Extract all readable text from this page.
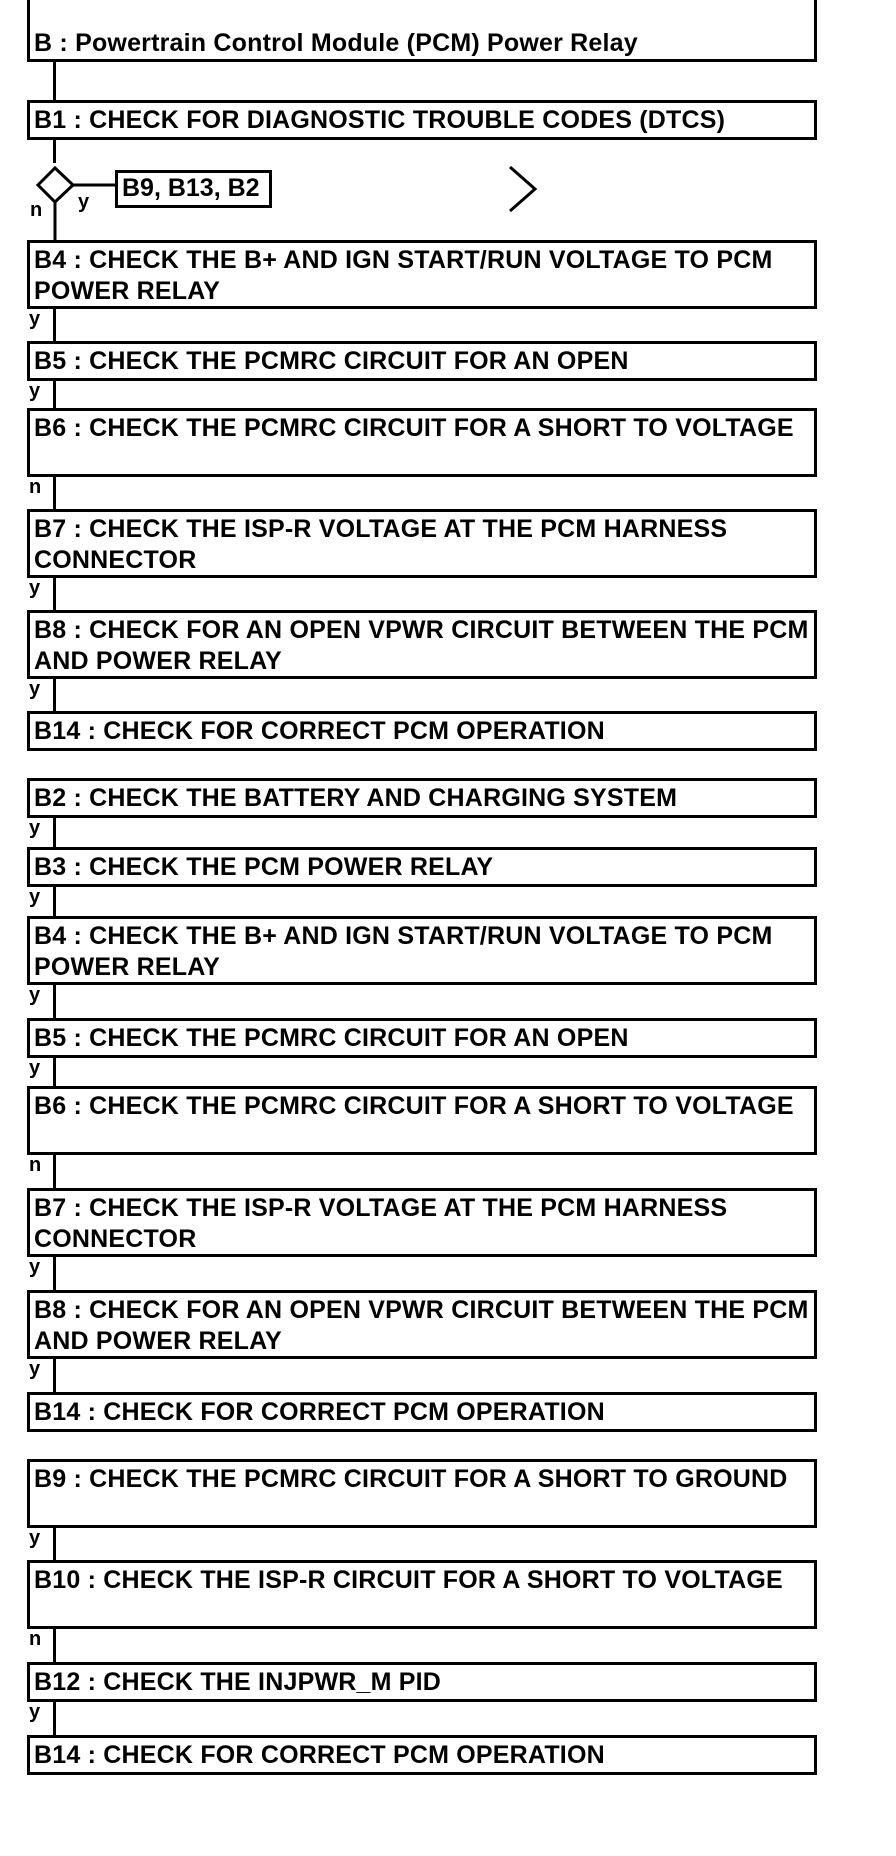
B : Powertrain Control Module (PCM) Power Relay
B1 : CHECK FOR DIAGNOSTIC TROUBLE CODES (DTCS)
n y B9, B13, B2
B4 : CHECK THE B+ AND IGN START/RUN VOLTAGE TO PCM POWER RELAY
y
B5 : CHECK THE PCMRC CIRCUIT FOR AN OPEN
y
B6 : CHECK THE PCMRC CIRCUIT FOR A SHORT TO VOLTAGE
n
B7 : CHECK THE ISP-R VOLTAGE AT THE PCM HARNESS CONNECTOR
y
B8 : CHECK FOR AN OPEN VPWR CIRCUIT BETWEEN THE PCM AND POWER RELAY
y
B14 : CHECK FOR CORRECT PCM OPERATION
B2 : CHECK THE BATTERY AND CHARGING SYSTEM
y
B3 : CHECK THE PCM POWER RELAY
y
B4 : CHECK THE B+ AND IGN START/RUN VOLTAGE TO PCM POWER RELAY
y
B5 : CHECK THE PCMRC CIRCUIT FOR AN OPEN
y
B6 : CHECK THE PCMRC CIRCUIT FOR A SHORT TO VOLTAGE
n
B7 : CHECK THE ISP-R VOLTAGE AT THE PCM HARNESS CONNECTOR
y
B8 : CHECK FOR AN OPEN VPWR CIRCUIT BETWEEN THE PCM AND POWER RELAY
y
B14 : CHECK FOR CORRECT PCM OPERATION
B9 : CHECK THE PCMRC CIRCUIT FOR A SHORT TO GROUND
y
B10 : CHECK THE ISP-R CIRCUIT FOR A SHORT TO VOLTAGE
n
B12 : CHECK THE INJPWR_M PID
y
B14 : CHECK FOR CORRECT PCM OPERATION
